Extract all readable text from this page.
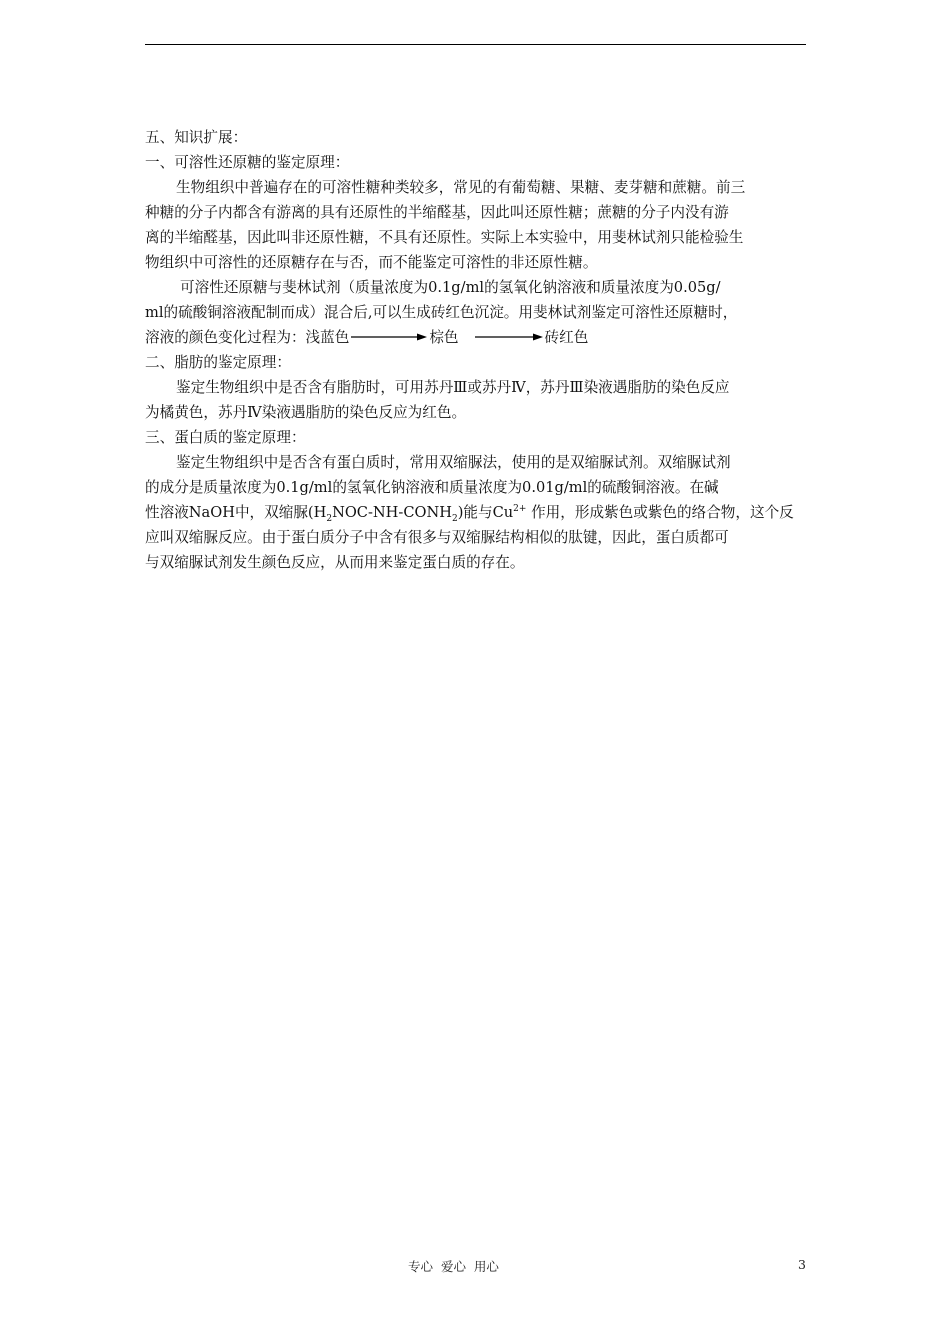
五、知识扩展：
一、可溶性还原糖的鉴定原理：
生物组织中普遍存在的可溶性糖种类较多，常见的有葡萄糖、果糖、麦芽糖和蔗糖。前三
种糖的分子内都含有游离的具有还原性的半缩醛基，因此叫还原性糖；蔗糖的分子内没有游
离的半缩醛基，因此叫非还原性糖，不具有还原性。实际上本实验中，用斐林试剂只能检验生
物组织中可溶性的还原糖存在与否，而不能鉴定可溶性的非还原性糖。
可溶性还原糖与斐林试剂（质量浓度为0.1g/ml的氢氧化钠溶液和质量浓度为0.05g/
ml的硫酸铜溶液配制而成）混合后,可以生成砖红色沉淀。用斐林试剂鉴定可溶性还原糖时，
溶液的颜色变化过程为：浅蓝色	棕色	砖红色
二、脂肪的鉴定原理：
鉴定生物组织中是否含有脂肪时，可用苏丹Ⅲ或苏丹Ⅳ，苏丹Ⅲ染液遇脂肪的染色反应
为橘黄色，苏丹Ⅳ染液遇脂肪的染色反应为红色。
三、蛋白质的鉴定原理：
鉴定生物组织中是否含有蛋白质时，常用双缩脲法，使用的是双缩脲试剂。双缩脲试剂
的成分是质量浓度为0.1g/ml的氢氧化钠溶液和质量浓度为0.01g/ml的硫酸铜溶液。在碱
性溶液NaOH中，双缩脲$(H_2NOC-NH-CONH_2)$能与$Cu^{2+}$ 作用，形成紫色或紫色的络合物，这个反
应叫双缩脲反应。由于蛋白质分子中含有很多与双缩脲结构相似的肽键，因此，蛋白质都可
与双缩脲试剂发生颜色反应，从而用来鉴定蛋白质的存在。
专心  爱心  用心	3
